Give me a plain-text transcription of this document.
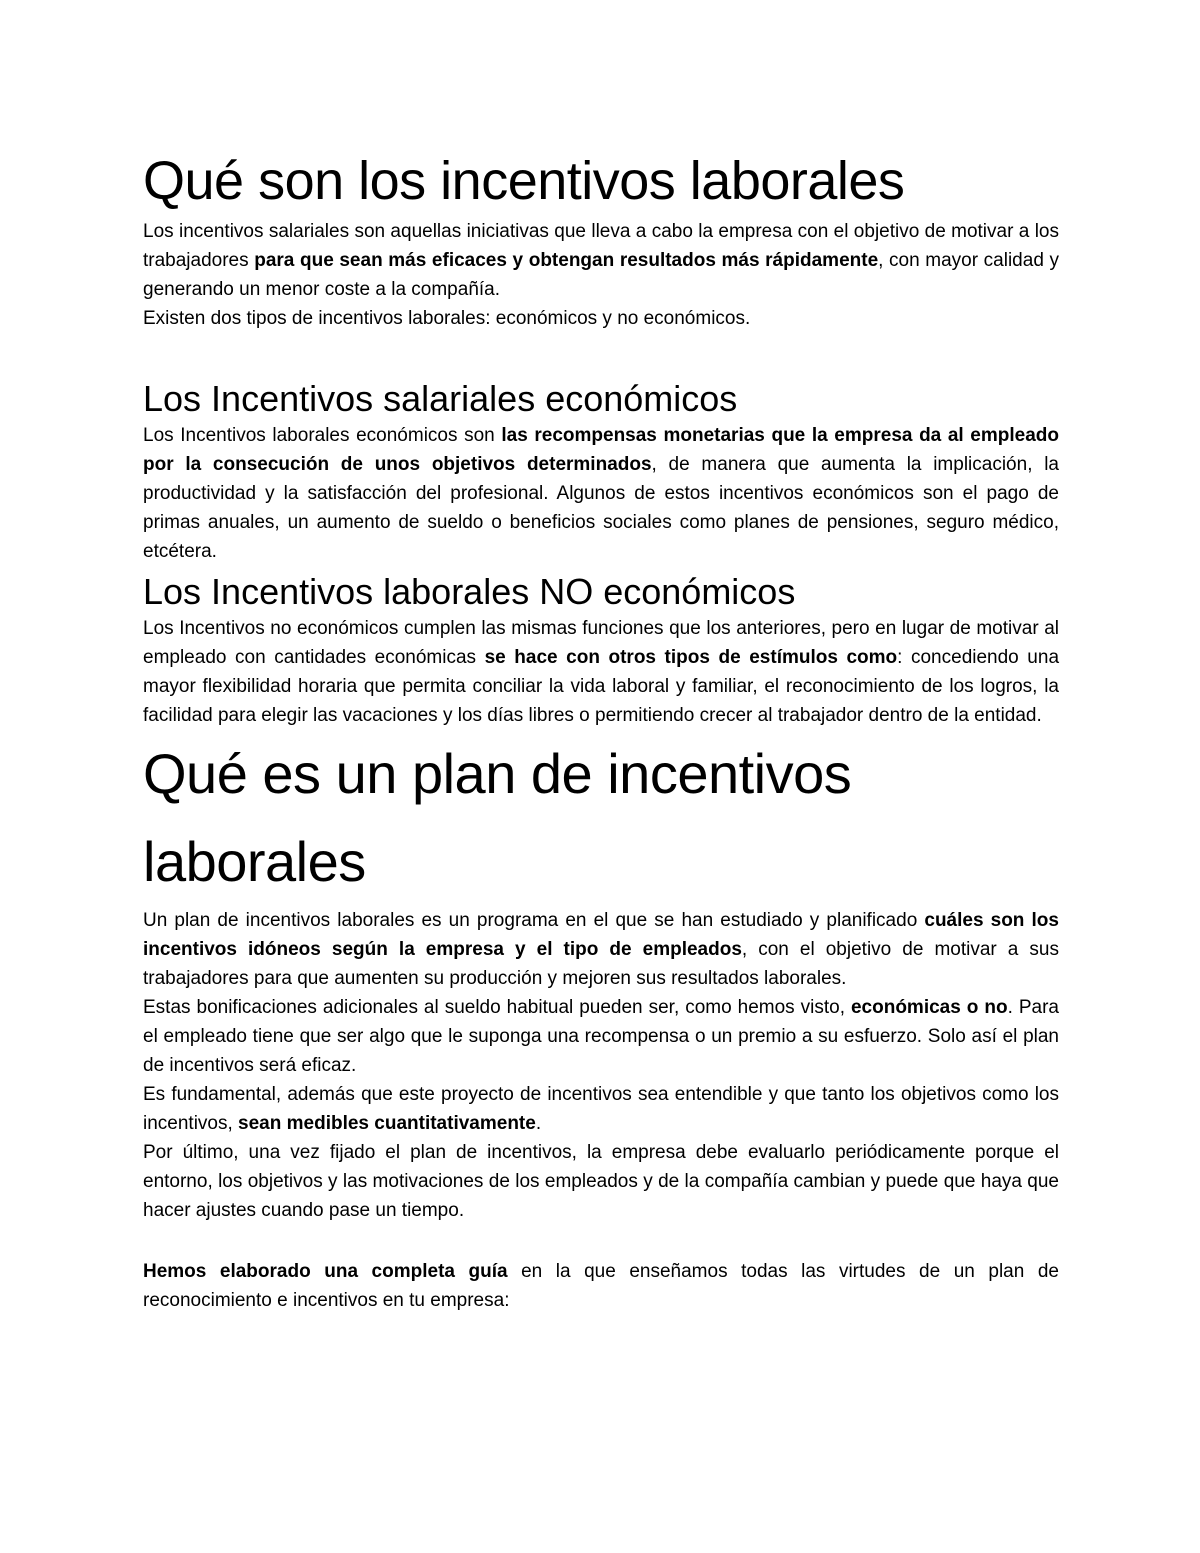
Qué son los incentivos laborales

Los incentivos salariales son aquellas iniciativas que lleva a cabo la empresa con el objetivo de motivar a los trabajadores para que sean más eficaces y obtengan resultados más rápidamente, con mayor calidad y generando un menor coste a la compañía.

Existen dos tipos de incentivos laborales: económicos y no económicos.

Los Incentivos salariales económicos

Los Incentivos laborales económicos son las recompensas monetarias que la empresa da al empleado por la consecución de unos objetivos determinados, de manera que aumenta la implicación, la productividad y la satisfacción del profesional. Algunos de estos incentivos económicos son el pago de primas anuales, un aumento de sueldo o beneficios sociales como planes de pensiones, seguro médico, etcétera.

Los Incentivos laborales NO económicos

Los Incentivos no económicos cumplen las mismas funciones que los anteriores, pero en lugar de motivar al empleado con cantidades económicas se hace con otros tipos de estímulos como: concediendo una mayor flexibilidad horaria que permita conciliar la vida laboral y familiar, el reconocimiento de los logros, la facilidad para elegir las vacaciones y los días libres o permitiendo crecer al trabajador dentro de la entidad.

Qué es un plan de incentivos laborales

Un plan de incentivos laborales es un programa en el que se han estudiado y planificado cuáles son los incentivos idóneos según la empresa y el tipo de empleados, con el objetivo de motivar a sus trabajadores para que aumenten su producción y mejoren sus resultados laborales.

Estas bonificaciones adicionales al sueldo habitual pueden ser, como hemos visto, económicas o no. Para el empleado tiene que ser algo que le suponga una recompensa o un premio a su esfuerzo. Solo así el plan de incentivos será eficaz.

Es fundamental, además que este proyecto de incentivos sea entendible y que tanto los objetivos como los incentivos, sean medibles cuantitativamente.

Por último, una vez fijado el plan de incentivos, la empresa debe evaluarlo periódicamente porque el entorno, los objetivos y las motivaciones de los empleados y de la compañía cambian y puede que haya que hacer ajustes cuando pase un tiempo.

Hemos elaborado una completa guía en la que enseñamos todas las virtudes de un plan de reconocimiento e incentivos en tu empresa:
